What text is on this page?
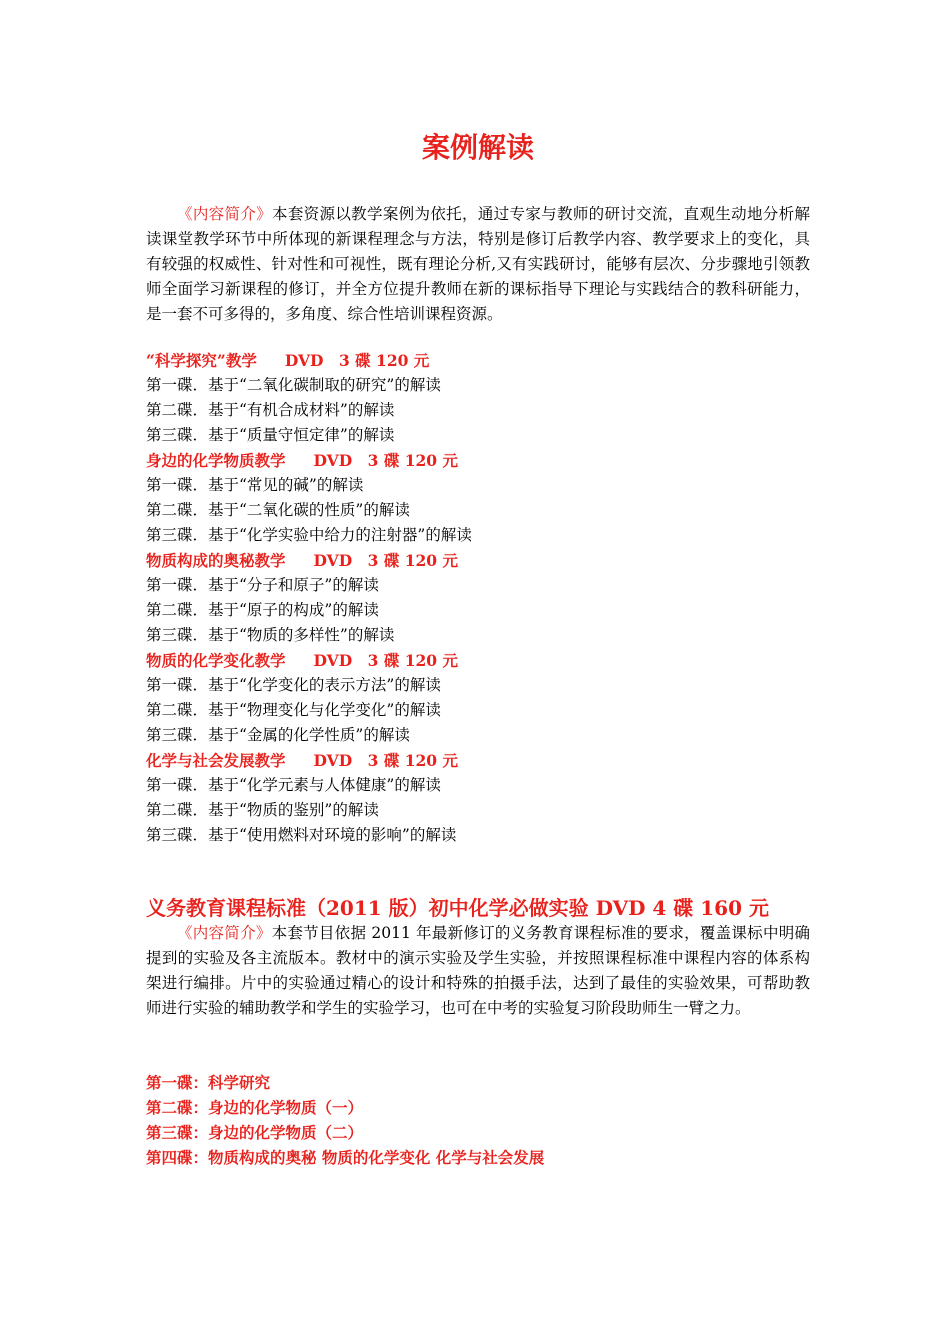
案例解读

《内容简介》本套资源以教学案例为依托，通过专家与教师的研讨交流，直观生动地分析解读课堂教学环节中所体现的新课程理念与方法，特别是修订后教学内容、教学要求上的变化，具有较强的权威性、针对性和可视性，既有理论分析,又有实践研讨，能够有层次、分步骤地引领教师全面学习新课程的修订，并全方位提升教师在新的课标指导下理论与实践结合的教科研能力，是一套不可多得的，多角度、综合性培训课程资源。

“科学探究”教学 DVD　3 碟 120 元
第一碟．基于“二氧化碳制取的研究”的解读
第二碟．基于“有机合成材料”的解读
第三碟．基于“质量守恒定律”的解读
身边的化学物质教学 DVD　3 碟 120 元
第一碟．基于“常见的碱”的解读
第二碟．基于“二氧化碳的性质”的解读
第三碟．基于“化学实验中给力的注射器”的解读
物质构成的奥秘教学 DVD　3 碟 120 元
第一碟．基于“分子和原子”的解读
第二碟．基于“原子的构成”的解读
第三碟．基于“物质的多样性”的解读
物质的化学变化教学 DVD　3 碟 120 元
第一碟．基于“化学变化的表示方法”的解读
第二碟．基于“物理变化与化学变化”的解读
第三碟．基于“金属的化学性质”的解读
化学与社会发展教学 DVD　3 碟 120 元
第一碟．基于“化学元素与人体健康”的解读
第二碟．基于“物质的鉴别”的解读
第三碟．基于“使用燃料对环境的影响”的解读
义务教育课程标准（2011 版）初中化学必做实验 DVD 4 碟 160 元

《内容简介》本套节目依据 2011 年最新修订的义务教育课程标准的要求，覆盖课标中明确提到的实验及各主流版本。教材中的演示实验及学生实验，并按照课程标准中课程内容的体系构架进行编排。片中的实验通过精心的设计和特殊的拍摄手法，达到了最佳的实验效果，可帮助教师进行实验的辅助教学和学生的实验学习，也可在中考的实验复习阶段助师生一臂之力。

第一碟：科学研究
第二碟：身边的化学物质（一）
第三碟：身边的化学物质（二）
第四碟：物质构成的奥秘 物质的化学变化 化学与社会发展
